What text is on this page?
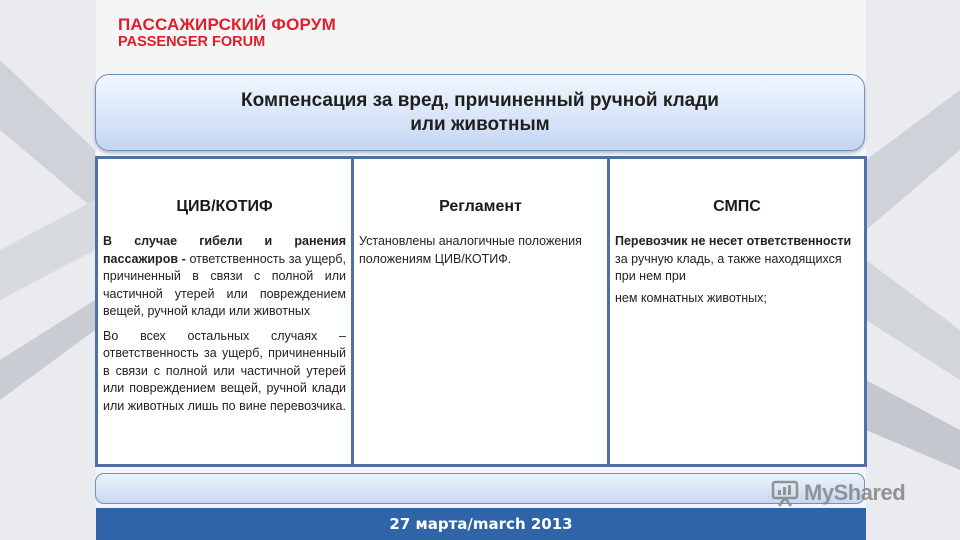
ПАССАЖИРСКИЙ ФОРУМ
PASSENGER FORUM
Компенсация за вред, причиненный ручной клади
или животным
ЦИВ/КОТИФ
В случае гибели и ранения пассажиров - ответственность за ущерб, причиненный в связи с полной или частичной утерей или повреждением вещей, ручной клади или животных
Во всех остальных случаях – ответственность за ущерб, причиненный в связи с полной или частичной утерей или повреждением вещей, ручной клади или животных лишь по вине перевозчика.
Регламент
Установлены аналогичные положения положениям ЦИВ/КОТИФ.
СМПС
Перевозчик не несет ответственности за ручную кладь, а также находящихся при нем при
нем комнатных животных;
27 марта/march 2013
MyShared
